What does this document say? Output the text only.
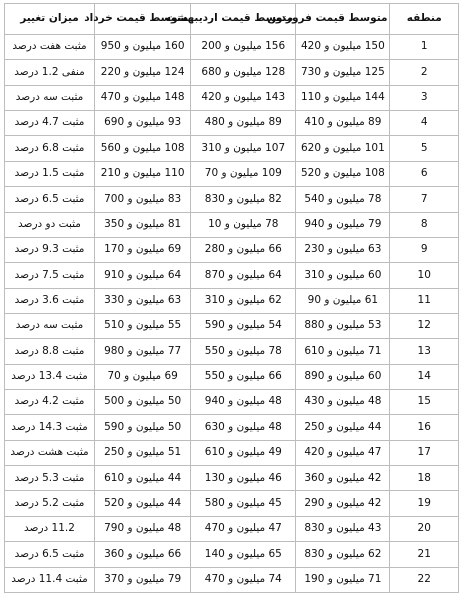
منطقه	متوسط قیمت فروردین	متوسط قیمت اردیبهشت	متوسط قیمت خرداد	میزان تغییر
1	150 میلیون و 420	156 میلیون و 200	160 میلیون و 950	مثبت هفت درصد
2	125 میلیون و 730	128 میلیون و 680	124 میلیون و 220	منفی 1.2 درصد
3	144 میلیون و 110	143 میلیون و 420	148 میلیون و 470	مثبت سه درصد
4	89 میلیون و 410	89 میلیون و 480	93 میلیون و 690	مثبت 4.7 درصد
5	101 میلیون و 620	107 میلیون و 310	108 میلیون و 560	مثبت 6.8 درصد
6	108 میلیون و 520	109 میلیون و 70	110 میلیون و 210	مثبت 1.5 درصد
7	78 میلیون و 540	82 میلیون و 830	83 میلیون و 700	مثبت 6.5 درصد
8	79 میلیون و 940	78 میلیون و 10	81 میلیون و 350	مثبت دو درصد
9	63 میلیون و 230	66 میلیون و 280	69 میلیون و 170	مثبت 9.3 درصد
10	60 میلیون و 310	64 میلیون و 870	64 میلیون و 910	مثبت 7.5 درصد
11	61 میلیون و 90	62 میلیون و 310	63 میلیون و 330	مثبت 3.6 درصد
12	53 میلیون و 880	54 میلیون و 590	55 میلیون و 510	مثبت سه درصد
13	71 میلیون و 610	78 میلیون و 550	77 میلیون و 980	مثبت 8.8 درصد
14	60 میلیون و 890	66 میلیون و 550	69 میلیون و 70	مثبت 13.4 درصد
15	48 میلیون و 430	48 میلیون و 940	50 میلیون و 500	مثبت 4.2 درصد
16	44 میلیون و 250	48 میلیون و 630	50 میلیون و 590	مثبت 14.3 درصد
17	47 میلیون و 420	49 میلیون و 610	51 میلیون و 250	مثبت هشت درصد
18	42 میلیون و 360	46 میلیون و 130	44 میلیون و 610	مثبت 5.3 درصد
19	42 میلیون و 290	45 میلیون و 580	44 میلیون و 520	مثبت 5.2 درصد
20	43 میلیون و 830	47 میلیون و 470	48 میلیون و 790	11.2 درصد
21	62 میلیون و 830	65 میلیون و 140	66 میلیون و 360	مثبت 6.5 درصد
22	71 میلیون و 190	74 میلیون و 470	79 میلیون و 370	مثبت 11.4 درصد
